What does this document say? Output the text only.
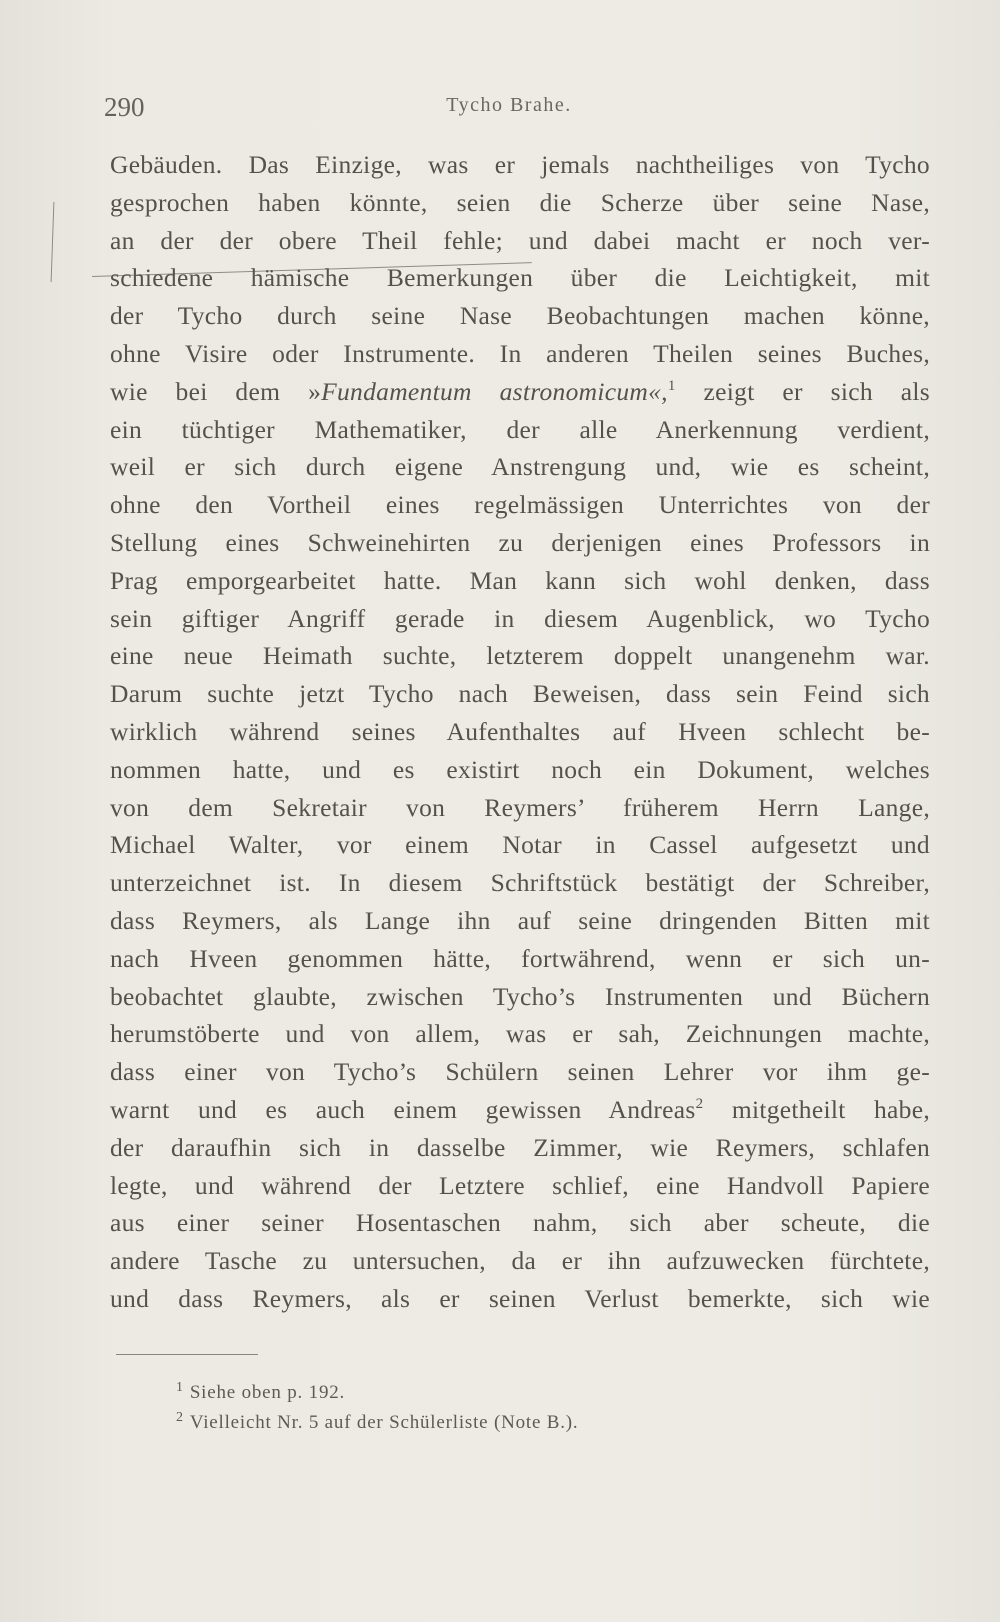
290	Tycho Brahe.
Gebäuden. Das Einzige, was er jemals nachtheiliges von Tycho
gesprochen haben könnte, seien die Scherze über seine Nase,
an der der obere Theil fehle; und dabei macht er noch ver-
schiedene hämische Bemerkungen über die Leichtigkeit, mit
der Tycho durch seine Nase Beobachtungen machen könne,
ohne Visire oder Instrumente. In anderen Theilen seines Buches,
wie bei dem »Fundamentum astronomicum«,$^1$ zeigt er sich als
ein tüchtiger Mathematiker, der alle Anerkennung verdient,
weil er sich durch eigene Anstrengung und, wie es scheint,
ohne den Vortheil eines regelmässigen Unterrichtes von der
Stellung eines Schweinehirten zu derjenigen eines Professors in
Prag emporgearbeitet hatte. Man kann sich wohl denken, dass
sein giftiger Angriff gerade in diesem Augenblick, wo Tycho
eine neue Heimath suchte, letzterem doppelt unangenehm war.
Darum suchte jetzt Tycho nach Beweisen, dass sein Feind sich
wirklich während seines Aufenthaltes auf Hveen schlecht be-
nommen hatte, und es existirt noch ein Dokument, welches
von dem Sekretair von Reymers’ früherem Herrn Lange,
Michael Walter, vor einem Notar in Cassel aufgesetzt und
unterzeichnet ist. In diesem Schriftstück bestätigt der Schreiber,
dass Reymers, als Lange ihn auf seine dringenden Bitten mit
nach Hveen genommen hätte, fortwährend, wenn er sich un-
beobachtet glaubte, zwischen Tycho’s Instrumenten und Büchern
herumstöberte und von allem, was er sah, Zeichnungen machte,
dass einer von Tycho’s Schülern seinen Lehrer vor ihm ge-
warnt und es auch einem gewissen Andreas$^2$ mitgetheilt habe,
der daraufhin sich in dasselbe Zimmer, wie Reymers, schlafen
legte, und während der Letztere schlief, eine Handvoll Papiere
aus einer seiner Hosentaschen nahm, sich aber scheute, die
andere Tasche zu untersuchen, da er ihn aufzuwecken fürchtete,
und dass Reymers, als er seinen Verlust bemerkte, sich wie
$^1$ Siehe oben p. 192.
$^2$ Vielleicht Nr. 5 auf der Schülerliste (Note B.).
